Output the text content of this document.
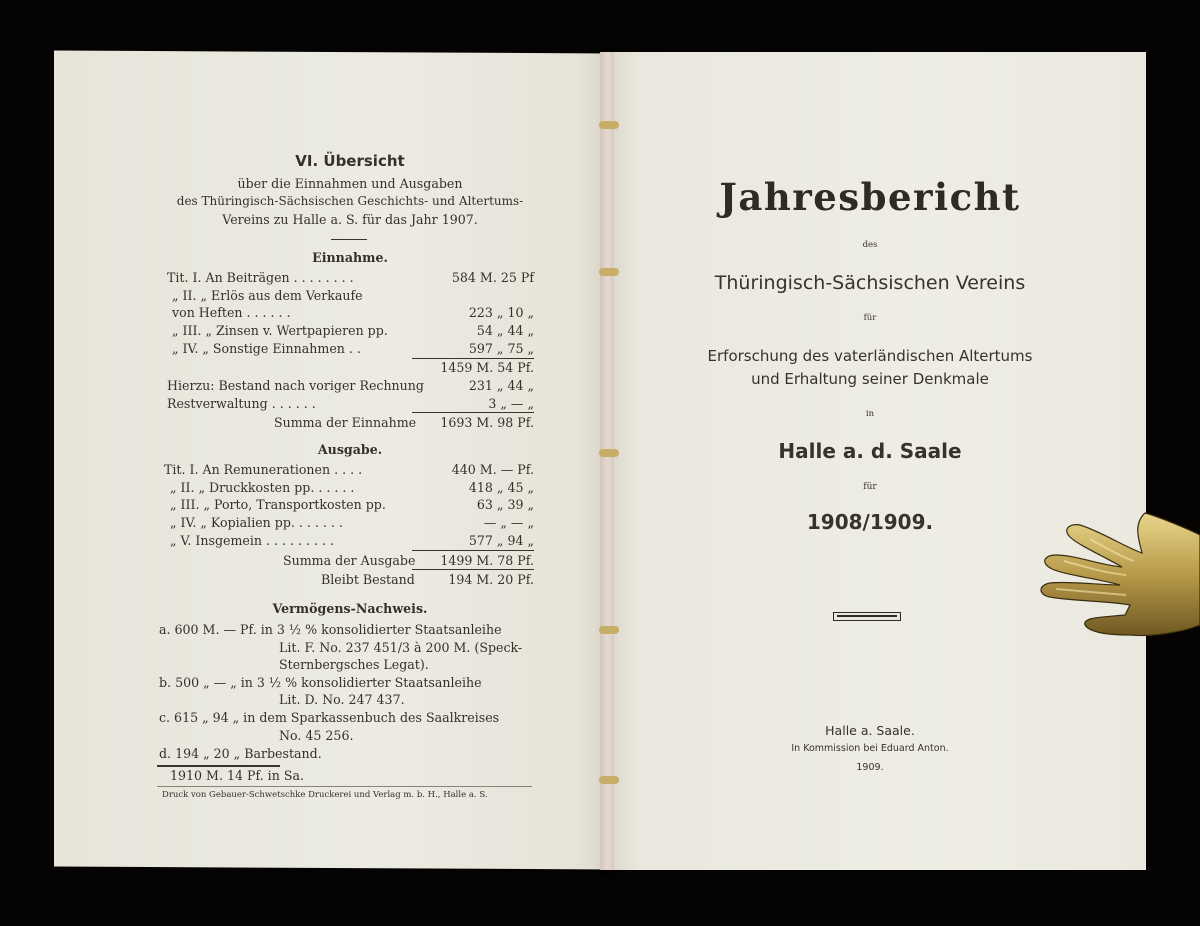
VI. Übersicht
über die Einnahmen und Ausgaben
des Thüringisch-Sächsischen Geschichts- und Altertums-
Vereins zu Halle a. S. für das Jahr 1907.
Einnahme.
Tit. I. An Beiträgen . . . . . . . .	584 M. 25 Pf
„ II. „ Erlös aus dem Verkaufe
von Heften . . . . . .	223 „ 10 „
„ III. „ Zinsen v. Wertpapieren pp.	54 „ 44 „
„ IV. „ Sonstige Einnahmen . .	597 „ 75 „
1459 M. 54 Pf.
Hierzu: Bestand nach voriger Rechnung	231 „ 44 „
Restverwaltung . . . . . .	3 „ — „
Summa der Einnahme	1693 M. 98 Pf.
Ausgabe.
Tit. I. An Remunerationen . . . .	440 M. — Pf.
„ II. „ Druckkosten pp. . . . . .	418 „ 45 „
„ III. „ Porto, Transportkosten pp.	63 „ 39 „
„ IV. „ Kopialien pp. . . . . . .	— „ — „
„ V. Insgemein . . . . . . . . .	577 „ 94 „
Summa der Ausgabe	1499 M. 78 Pf.
Bleibt Bestand	194 M. 20 Pf.
Vermögens-Nachweis.
a. 600 M. — Pf. in 3 ½ % konsolidierter Staatsanleihe
Lit. F. No. 237 451/3 à 200 M. (Speck-
Sternbergsches Legat).
b. 500 „ — „ in 3 ½ % konsolidierter Staatsanleihe
Lit. D. No. 247 437.
c. 615 „ 94 „ in dem Sparkassenbuch des Saalkreises
No. 45 256.
d. 194 „ 20 „ Barbestand.
1910 M. 14 Pf. in Sa.
Druck von Gebauer-Schwetschke Druckerei und Verlag m. b. H., Halle a. S.
Jahresbericht
des
Thüringisch-Sächsischen Vereins
für
Erforschung des vaterländischen Altertums
und Erhaltung seiner Denkmale
in
Halle a. d. Saale
für
1908/1909.
Halle a. Saale.
In Kommission bei Eduard Anton.
1909.
